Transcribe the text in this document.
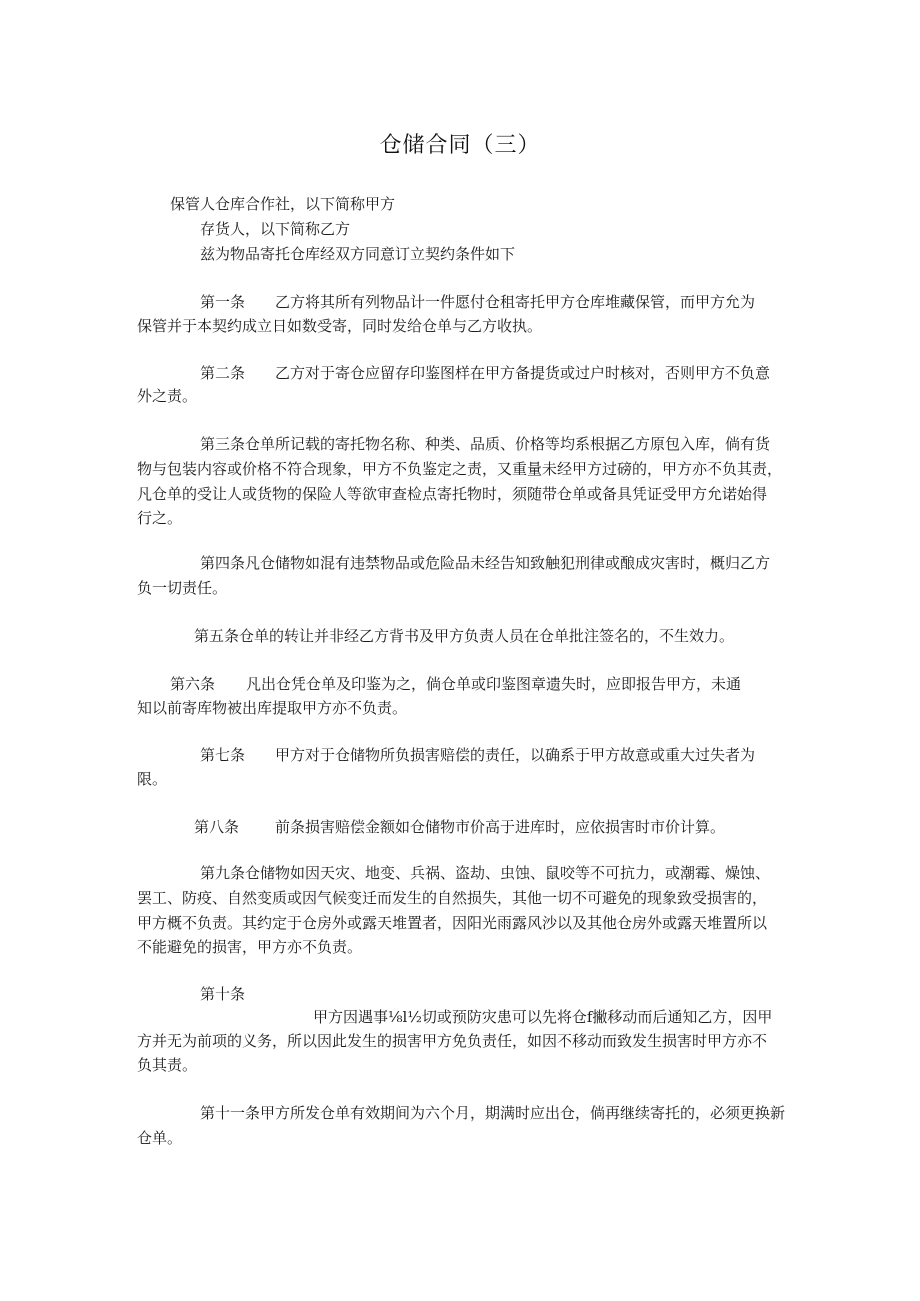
仓储合同（三）
保管人仓库合作社，以下简称甲方
存货人，以下简称乙方
兹为物品寄托仓库经双方同意订立契约条件如下
第一条 乙方将其所有列物品计一件愿付仓租寄托甲方仓库堆藏保管，而甲方允为
保管并于本契约成立日如数受寄，同时发给仓单与乙方收执。
第二条 乙方对于寄仓应留存印鉴图样在甲方备提货或过户时核对，否则甲方不负意
外之责。
第三条仓单所记载的寄托物名称、种类、品质、价格等均系根据乙方原包入库，倘有货
物与包装内容或价格不符合现象，甲方不负鉴定之责，又重量未经甲方过磅的，甲方亦不负其责，
凡仓单的受让人或货物的保险人等欲审查检点寄托物时，须随带仓单或备具凭证受甲方允诺始得
行之。
第四条凡仓储物如混有违禁物品或危险品未经告知致触犯刑律或酿成灾害时，概归乙方
负一切责任。
第五条仓单的转让并非经乙方背书及甲方负责人员在仓单批注签名的，不生效力。
第六条 凡出仓凭仓单及印鉴为之，倘仓单或印鉴图章遗失时，应即报告甲方，未通
知以前寄库物被出库提取甲方亦不负责。
第七条 甲方对于仓储物所负损害赔偿的责任，以确系于甲方故意或重大过失者为
限。
第八条 前条损害赔偿金额如仓储物市价高于进库时，应依损害时市价计算。
第九条仓储物如因天灾、地变、兵祸、盗劫、虫蚀、鼠咬等不可抗力，或潮霉、燥蚀、
罢工、防疫、自然变质或因气候变迁而发生的自然损失，其他一切不可避免的现象致受损害的，
甲方概不负责。其约定于仓房外或露天堆置者，因阳光雨露风沙以及其他仓房外或露天堆置所以
不能避免的损害，甲方亦不负责。
第十条
甲方因遇事⅛l½切或预防灾患可以先将仓f撇移动而后通知乙方，因甲
方并无为前项的义务，所以因此发生的损害甲方免负责任，如因不移动而致发生损害时甲方亦不
负其责。
第十一条甲方所发仓单有效期间为六个月，期满时应出仓，倘再继续寄托的，必须更换新
仓单。
